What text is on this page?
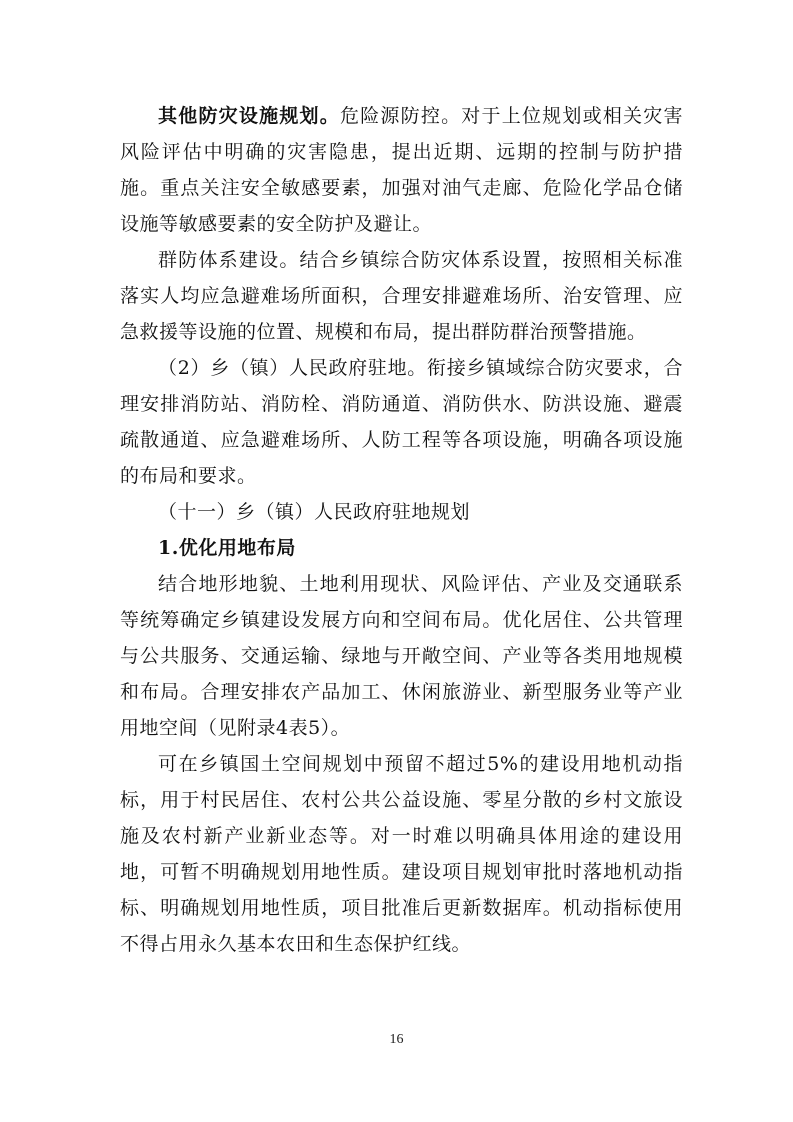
其他防灾设施规划。危险源防控。对于上位规划或相关灾害风险评估中明确的灾害隐患，提出近期、远期的控制与防护措施。重点关注安全敏感要素，加强对油气走廊、危险化学品仓储设施等敏感要素的安全防护及避让。

群防体系建设。结合乡镇综合防灾体系设置，按照相关标准落实人均应急避难场所面积，合理安排避难场所、治安管理、应急救援等设施的位置、规模和布局，提出群防群治预警措施。

（2）乡（镇）人民政府驻地。衔接乡镇域综合防灾要求，合理安排消防站、消防栓、消防通道、消防供水、防洪设施、避震疏散通道、应急避难场所、人防工程等各项设施，明确各项设施的布局和要求。

（十一）乡（镇）人民政府驻地规划
1.优化用地布局

结合地形地貌、土地利用现状、风险评估、产业及交通联系等统筹确定乡镇建设发展方向和空间布局。优化居住、公共管理与公共服务、交通运输、绿地与开敞空间、产业等各类用地规模和布局。合理安排农产品加工、休闲旅游业、新型服务业等产业用地空间（见附录4表5）。

可在乡镇国土空间规划中预留不超过5%的建设用地机动指标，用于村民居住、农村公共公益设施、零星分散的乡村文旅设施及农村新产业新业态等。对一时难以明确具体用途的建设用地，可暂不明确规划用地性质。建设项目规划审批时落地机动指标、明确规划用地性质，项目批准后更新数据库。机动指标使用不得占用永久基本农田和生态保护红线。

16
